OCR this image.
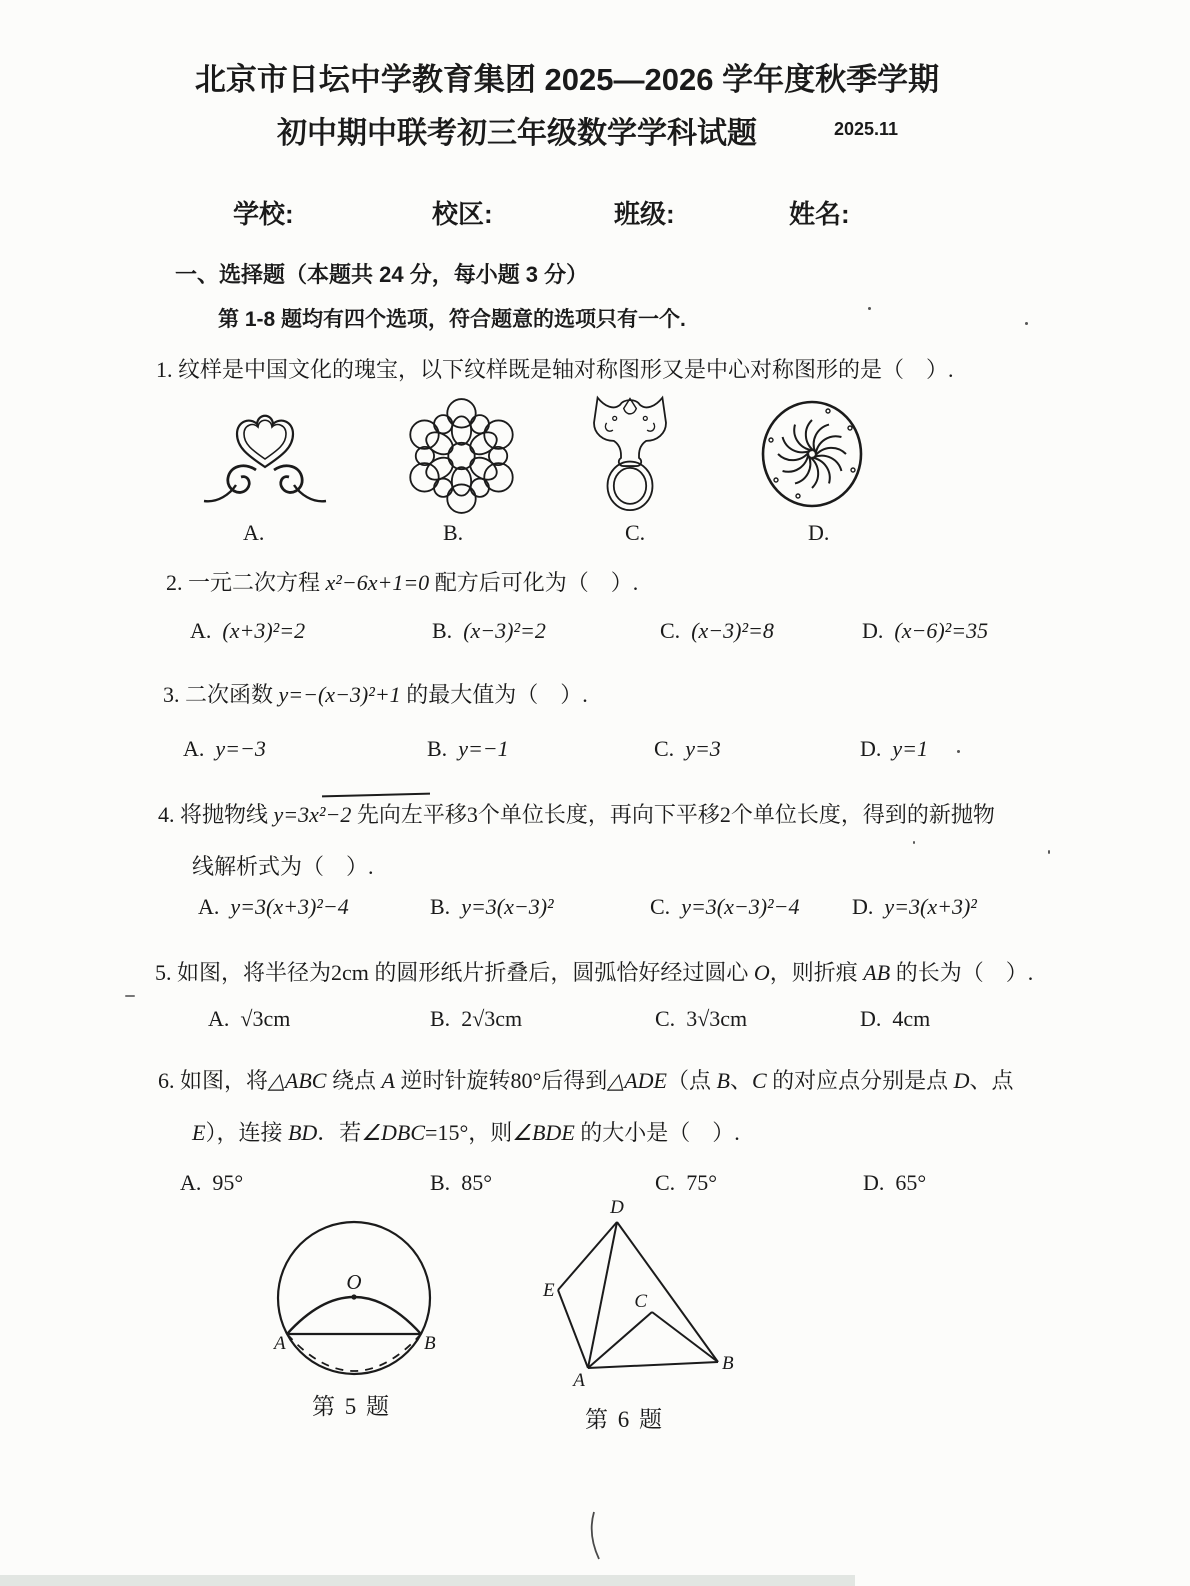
北京市日坛中学教育集团 2025—2026 学年度秋季学期
初中期中联考初三年级数学学科试题	2025.11
学校:	校区:	班级:	姓名:
一、选择题（本题共 24 分，每小题 3 分）
第 1-8 题均有四个选项，符合题意的选项只有一个.
1. 纹样是中国文化的瑰宝，以下纹样既是轴对称图形又是中心对称图形的是（    ）.
A.	B.	C.	D.
2. 一元二次方程 x²−6x+1=0 配方后可化为（    ）.
A. (x+3)²=2	B. (x−3)²=2	C. (x−3)²=8	D. (x−6)²=35
3. 二次函数 y=−(x−3)²+1 的最大值为（    ）.
A. y=−3	B. y=−1	C. y=3	D. y=1
4. 将抛物线 y=3x²−2 先向左平移3个单位长度，再向下平移2个单位长度，得到的新抛物
线解析式为（    ）.
A. y=3(x+3)²−4	B. y=3(x−3)²	C. y=3(x−3)²−4 D. y=3(x+3)²
5. 如图，将半径为2cm 的圆形纸片折叠后，圆弧恰好经过圆心 O，则折痕 AB 的长为（    ）.
A. √3cm	B. 2√3cm	C. 3√3cm	D. 4cm
6. 如图，将△ABC 绕点 A 逆时针旋转80°后得到△ADE（点 B、C 的对应点分别是点 D、点
E），连接 BD．若∠DBC=15°，则∠BDE 的大小是（    ）.
A. 95°	B. 85°	C. 75°	D. 65°
O
A	B
第 5 题
D
E
C
A
B
第 6 题
